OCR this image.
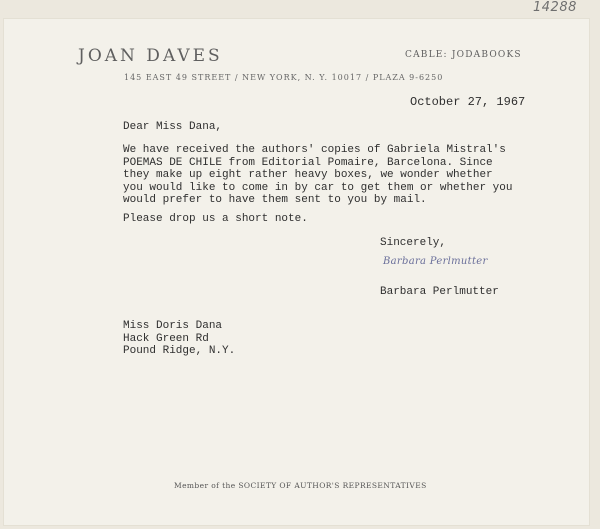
14288
JOAN DAVES	CABLE: JODABOOKS
145 EAST 49 STREET / NEW YORK, N. Y. 10017 / PLAZA 9-6250
October 27, 1967
Dear Miss Dana,
We have received the authors' copies of Gabriela Mistral's
POEMAS DE CHILE from Editorial Pomaire, Barcelona. Since
they make up eight rather heavy boxes, we wonder whether
you would like to come in by car to get them or whether you
would prefer to have them sent to you by mail.
Please drop us a short note.
Sincerely,
Barbara Perlmutter
Barbara Perlmutter
Miss Doris Dana
Hack Green Rd
Pound Ridge, N.Y.
Member of the SOCIETY OF AUTHOR'S REPRESENTATIVES
